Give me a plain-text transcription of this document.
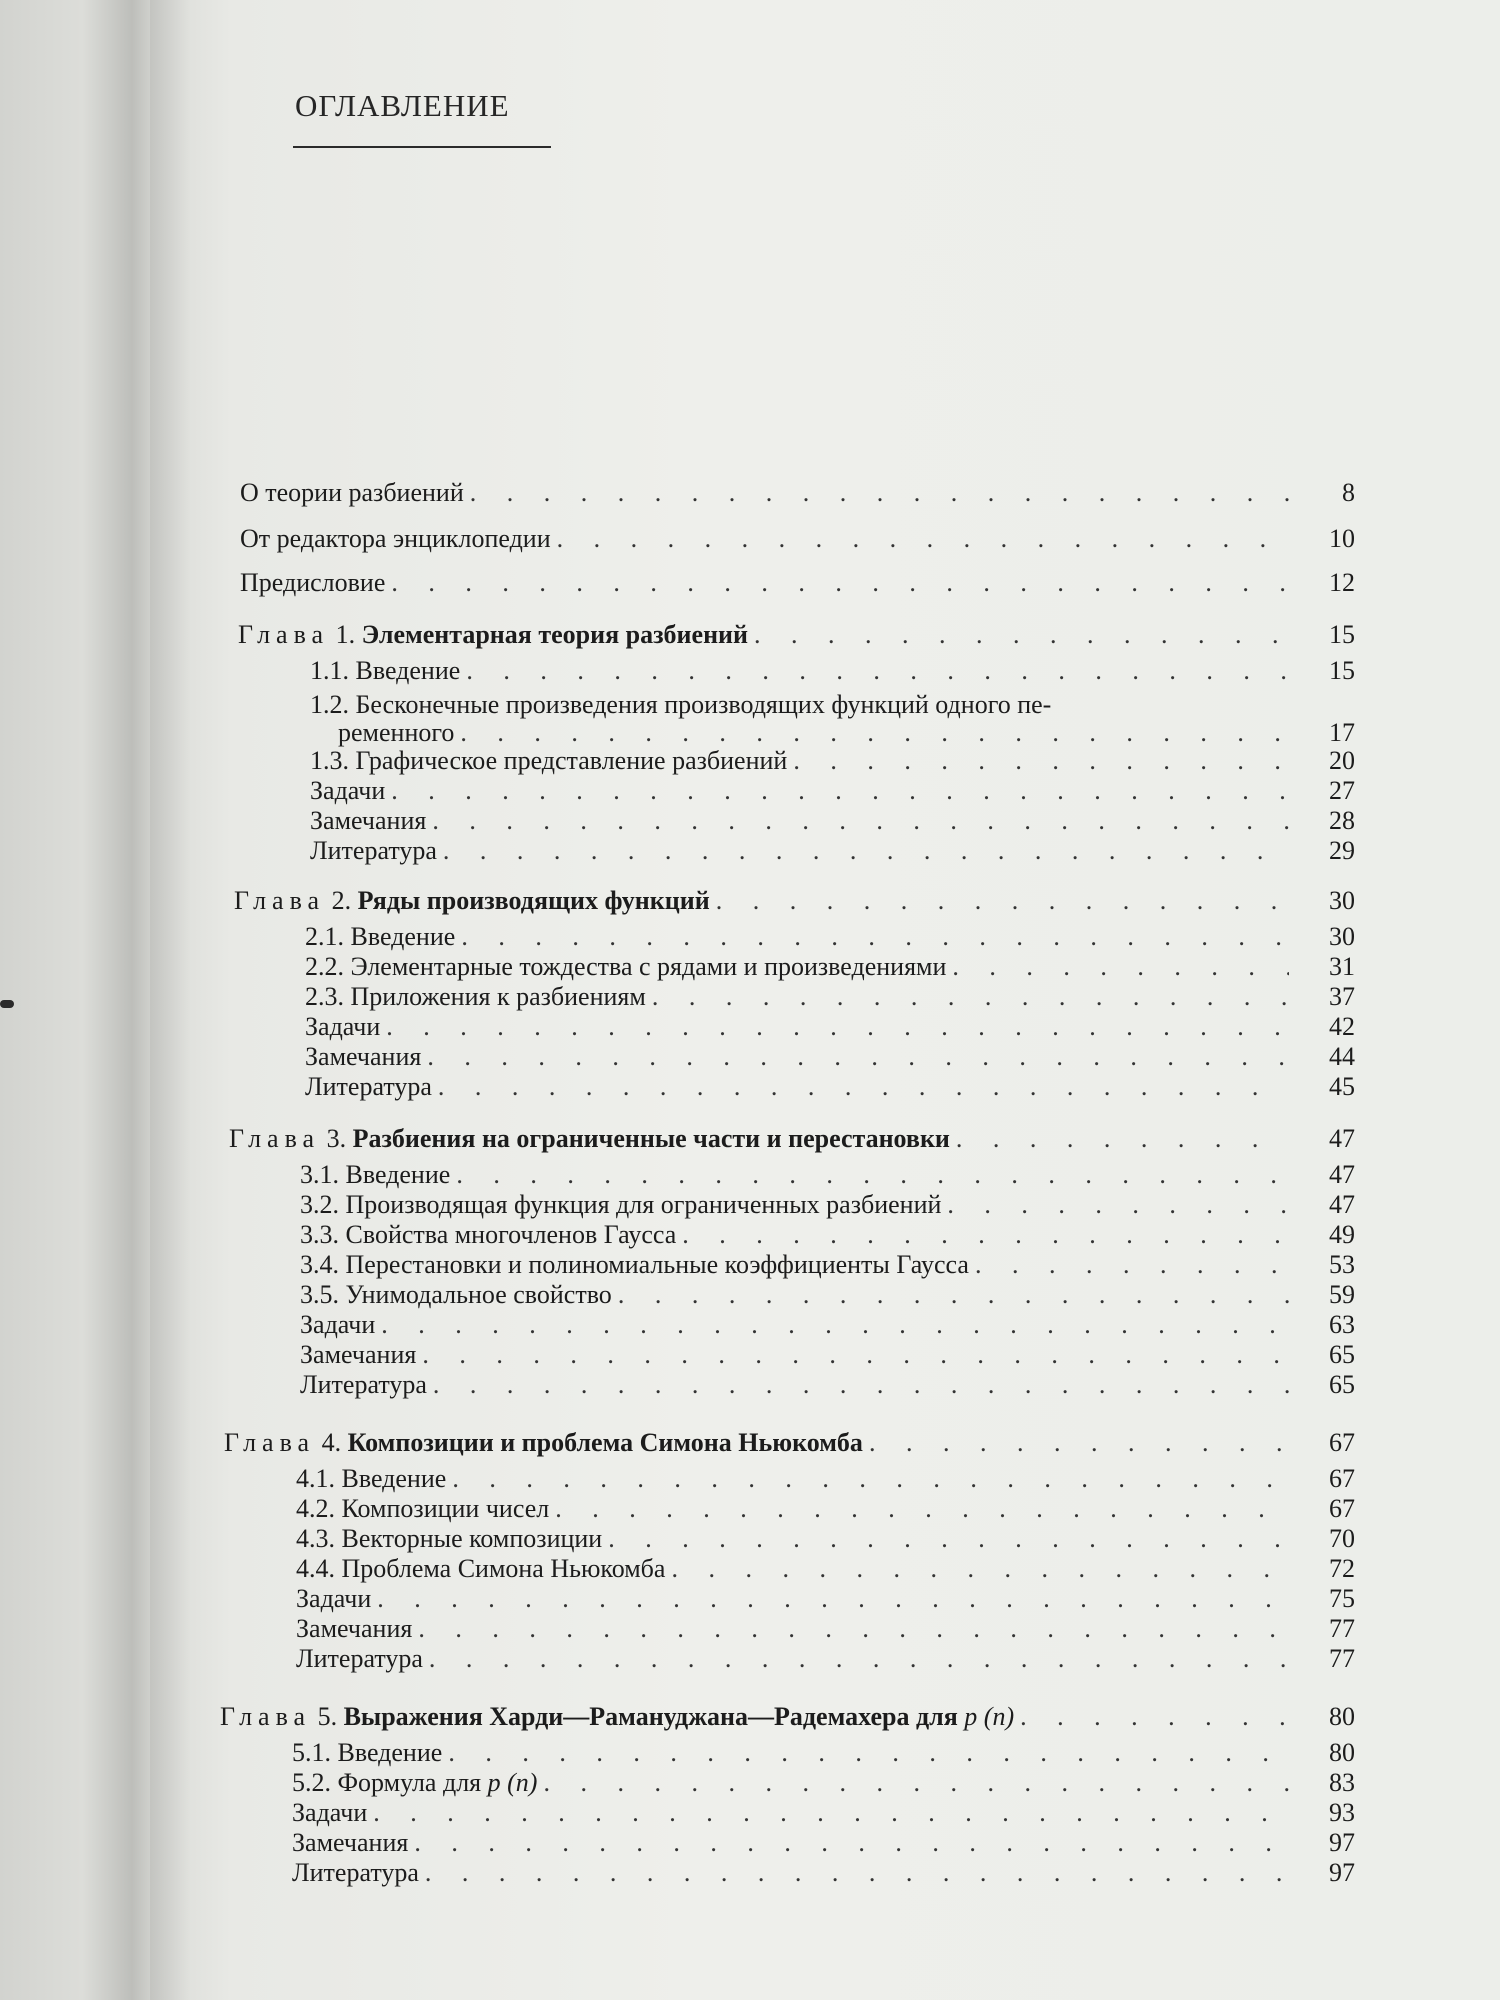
ОГЛАВЛЕНИЕ
О теории разбиений . . .	8
От редактора энциклопедии . . .	10
Предисловие . . .	12
Глава 1. Элементарная теория разбиений . . .	15
1.1. Введение . . .	15
1.2. Бесконечные произведения производящих функций одного пе-
ременного . . .	17
1.3. Графическое представление разбиений . . .	20
Задачи . . .	27
Замечания . . .	28
Литература . . .	29
Глава 2. Ряды производящих функций . . .	30
2.1. Введение . . .	30
2.2. Элементарные тождества с рядами и произведениями . . .	31
2.3. Приложения к разбиениям . . .	37
Задачи . . .	42
Замечания . . .	44
Литература . . .	45
Глава 3. Разбиения на ограниченные части и перестановки . . .	47
3.1. Введение . . .	47
3.2. Производящая функция для ограниченных разбиений . . .	47
3.3. Свойства многочленов Гаусса . . .	49
3.4. Перестановки и полиномиальные коэффициенты Гаусса . . .	53
3.5. Унимодальное свойство . . .	59
Задачи . . .	63
Замечания . . .	65
Литература . . .	65
Глава 4. Композиции и проблема Симона Ньюкомба . . .	67
4.1. Введение . . .	67
4.2. Композиции чисел . . .	67
4.3. Векторные композиции . . .	70
4.4. Проблема Симона Ньюкомба . . .	72
Задачи . . .	75
Замечания . . .	77
Литература . . .	77
Глава 5. Выражения Харди—Рамануджана—Радемахера для p (n) . . .	80
5.1. Введение . . .	80
5.2. Формула для p (n) . . .	83
Задачи . . .	93
Замечания . . .	97
Литература . . .	97
